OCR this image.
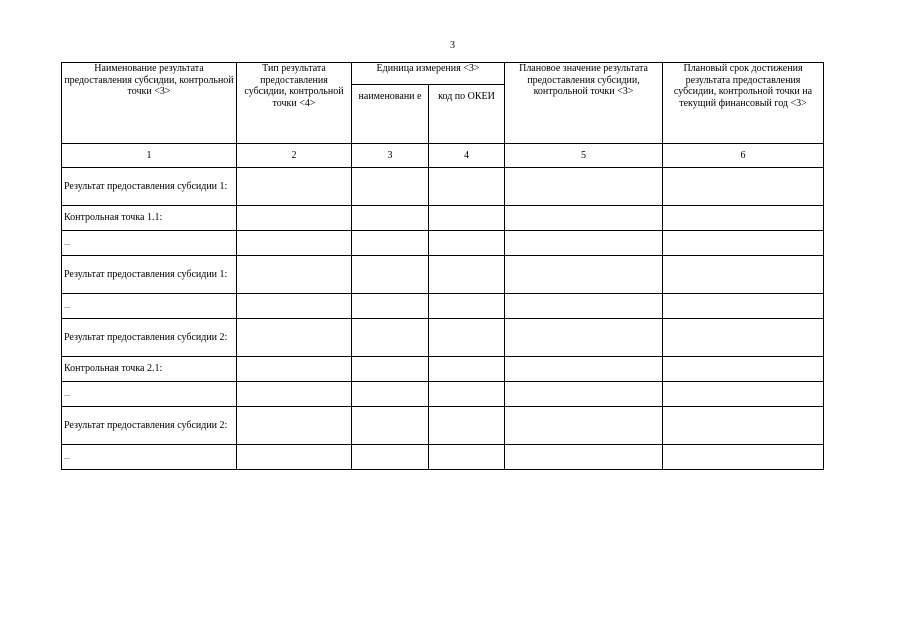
3
Наименование результата предоставления субсидии, контрольной точки <3>	Тип результата предоставления субсидии, контрольной точки <4>	Единица измерения <3>		Плановое значение результата предоставления субсидии, контрольной точки <3>	Плановый срок достижения результата предоставления субсидии, контрольной точки на текущий финансовый год <3>
		наименовани е	код по ОКЕИ		
1	2	3	4	5	6
Результат предоставления субсидии 1:					
Контрольная точка 1.1:					
...					
Результат предоставления субсидии 1:					
...					
Результат предоставления субсидии 2:					
Контрольная точка 2.1:					
...					
Результат предоставления субсидии 2:					
...					
